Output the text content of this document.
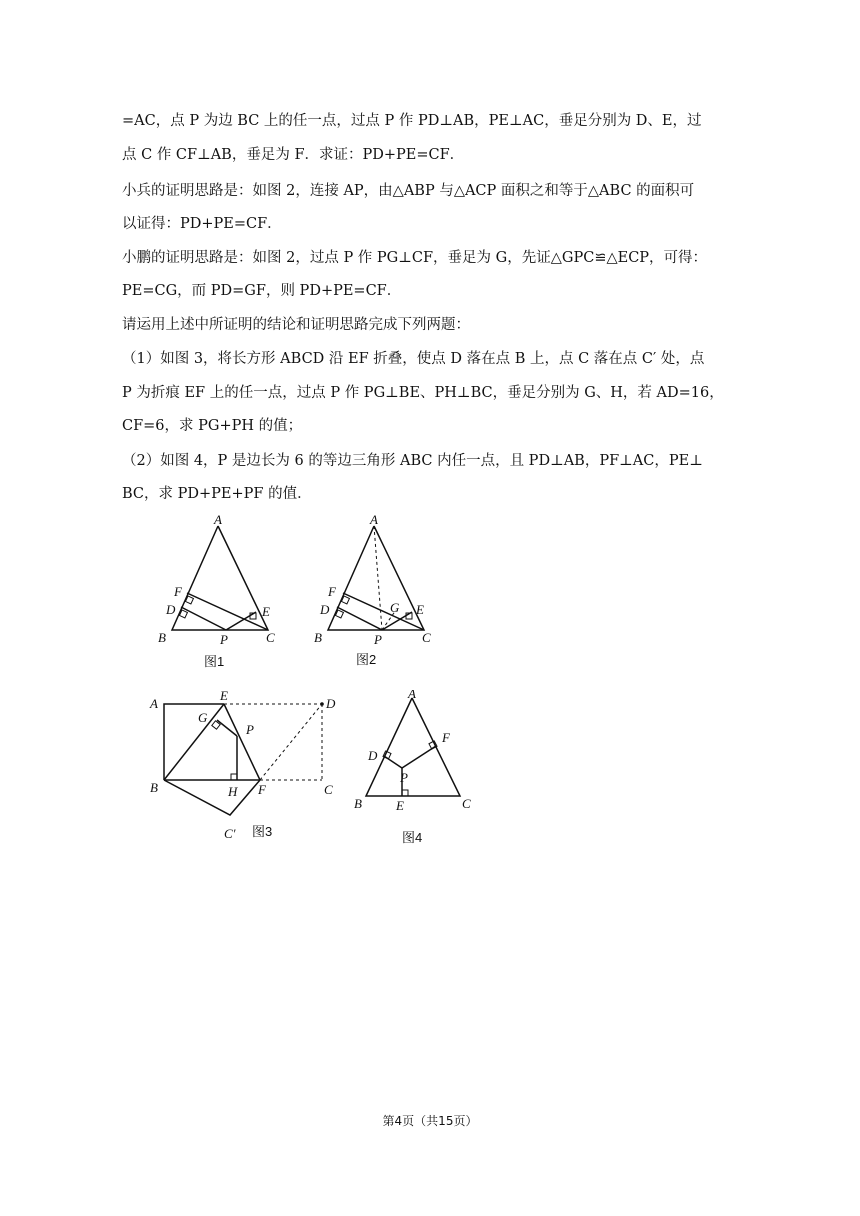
=AC，点 P 为边 BC 上的任一点，过点 P 作 PD⊥AB，PE⊥AC，垂足分别为 D、E，过
点 C 作 CF⊥AB，垂足为 F．求证：PD+PE=CF．
小兵的证明思路是：如图 2，连接 AP，由△ABP 与△ACP 面积之和等于△ABC 的面积可
以证得：PD+PE=CF．
小鹏的证明思路是：如图 2，过点 P 作 PG⊥CF，垂足为 G，先证△GPC≌△ECP，可得：
PE=CG，而 PD=GF，则 PD+PE=CF．
请运用上述中所证明的结论和证明思路完成下列两题：
（1）如图 3，将长方形 ABCD 沿 EF 折叠，使点 D 落在点 B 上，点 C 落在点 C′ 处，点
P 为折痕 EF 上的任一点，过点 P 作 PG⊥BE、PH⊥BC，垂足分别为 G、H，若 AD=16，
CF=6，求 PG+PH 的值；
（2）如图 4，P 是边长为 6 的等边三角形 ABC 内任一点，且 PD⊥AB，PF⊥AC，PE⊥
BC，求 PD+PE+PF 的值．
A
B	C
D	E
F
P
图1
A
B	C
D	E
F
G
P
图2
A
B	C
C′
D
E
F
G
H
P
图3
A
B	C
D
E
F
P
图4
第4页（共15页）
